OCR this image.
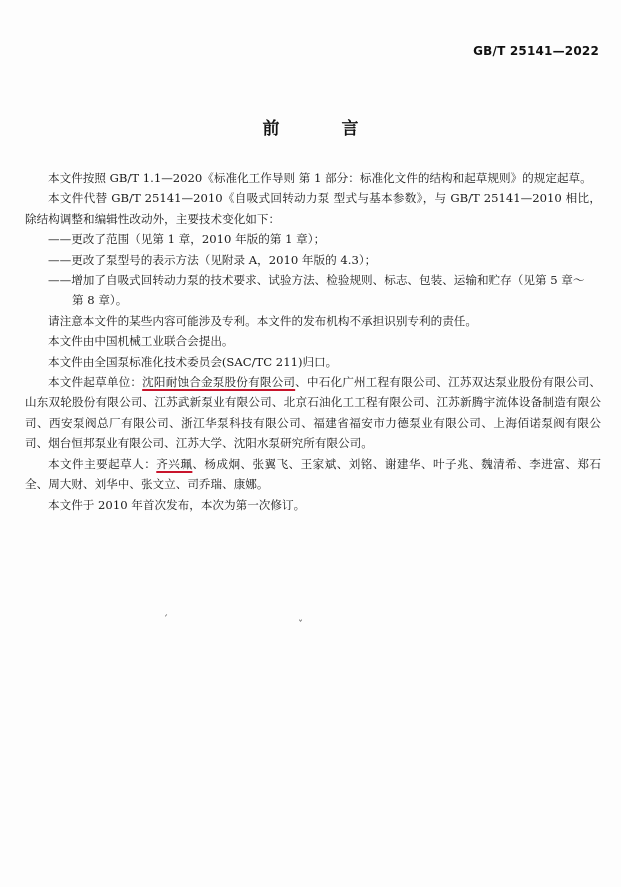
GB/T 25141—2022
前 言

本文件按照 GB/T 1.1—2020《标准化工作导则 第 1 部分：标准化文件的结构和起草规则》的规定起草。

本文件代替 GB/T 25141—2010《自吸式回转动力泵 型式与基本参数》，与 GB/T 25141—2010 相比，除结构调整和编辑性改动外，主要技术变化如下：

——更改了范围（见第 1 章，2010 年版的第 1 章）；

——更改了泵型号的表示方法（见附录 A，2010 年版的 4.3）；

——增加了自吸式回转动力泵的技术要求、试验方法、检验规则、标志、包装、运输和贮存（见第 5 章～

第 8 章）。

请注意本文件的某些内容可能涉及专利。本文件的发布机构不承担识别专利的责任。

本文件由中国机械工业联合会提出。

本文件由全国泵标准化技术委员会(SAC/TC 211)归口。

本文件起草单位：沈阳耐蚀合金泵股份有限公司、中石化广州工程有限公司、江苏双达泵业股份有限公司、山东双轮股份有限公司、江苏武新泵业有限公司、北京石油化工工程有限公司、江苏新腾宇流体设备制造有限公司、西安泵阀总厂有限公司、浙江华泵科技有限公司、福建省福安市力德泵业有限公司、上海佰诺泵阀有限公司、烟台恒邦泵业有限公司、江苏大学、沈阳水泵研究所有限公司。

本文件主要起草人：齐兴珮、杨成炯、张翼飞、王家斌、刘铭、谢建华、叶子兆、魏清希、李进富、郑石全、周大财、刘华中、张文立、司乔瑞、康娜。

本文件于 2010 年首次发布，本次为第一次修订。

ˊ	ˇ
